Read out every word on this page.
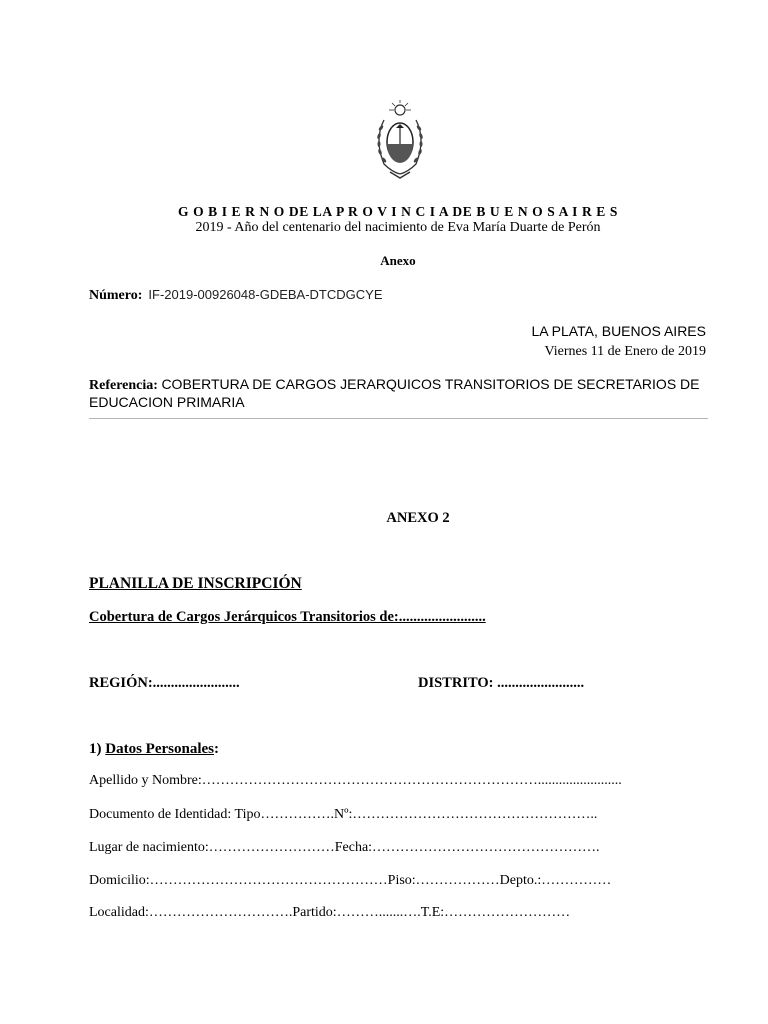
G O B I E R N O DE LA P R O V I N C I A DE B U E N O S A I R E S
2019 - Año del centenario del nacimiento de Eva María Duarte de Perón
Anexo
Número: IF-2019-00926048-GDEBA-DTCDGCYE
LA PLATA, BUENOS AIRES
Viernes 11 de Enero de 2019
Referencia: COBERTURA DE CARGOS JERARQUICOS TRANSITORIOS DE SECRETARIOS DE EDUCACION PRIMARIA
ANEXO 2
PLANILLA DE INSCRIPCIÓN
Cobertura de Cargos Jerárquicos Transitorios de:........................
REGIÓN:........................	DISTRITO: ........................
1) Datos Personales:
Apellido y Nombre:………………………………………………………………........................
Documento de Identidad: Tipo…………….Nº:……………………………………………..
Lugar de nacimiento:………………………Fecha:………………………………………….
Domicilio:……………………………………………Piso:………………Depto.:……………
Localidad:………………………….Partido:……….......….T.E:………………………
